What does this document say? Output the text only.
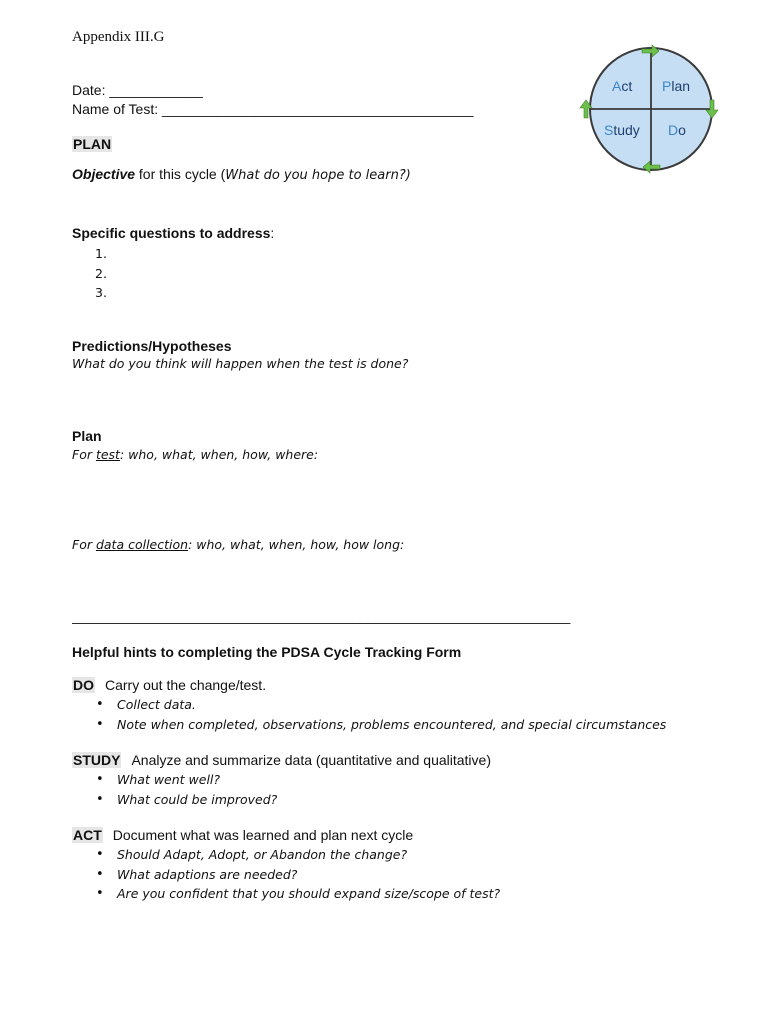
Appendix III.G
Date: ____________
Name of Test: ________________________________________
Act Plan
Study Do
PLAN
Objective for this cycle (What do you hope to learn?)
Specific questions to address:
1.
2.
3.
Predictions/Hypotheses
What do you think will happen when the test is done?
Plan
For test: who, what, when, how, where:
For data collection: who, what, when, how, how long:
________________________________________________________________
Helpful hints to completing the PDSA Cycle Tracking Form
DO Carry out the change/test.
• Collect data.
• Note when completed, observations, problems encountered, and special circumstances
STUDY Analyze and summarize data (quantitative and qualitative)
• What went well?
• What could be improved?
ACT Document what was learned and plan next cycle
• Should Adapt, Adopt, or Abandon the change?
• What adaptions are needed?
• Are you confident that you should expand size/scope of test?
